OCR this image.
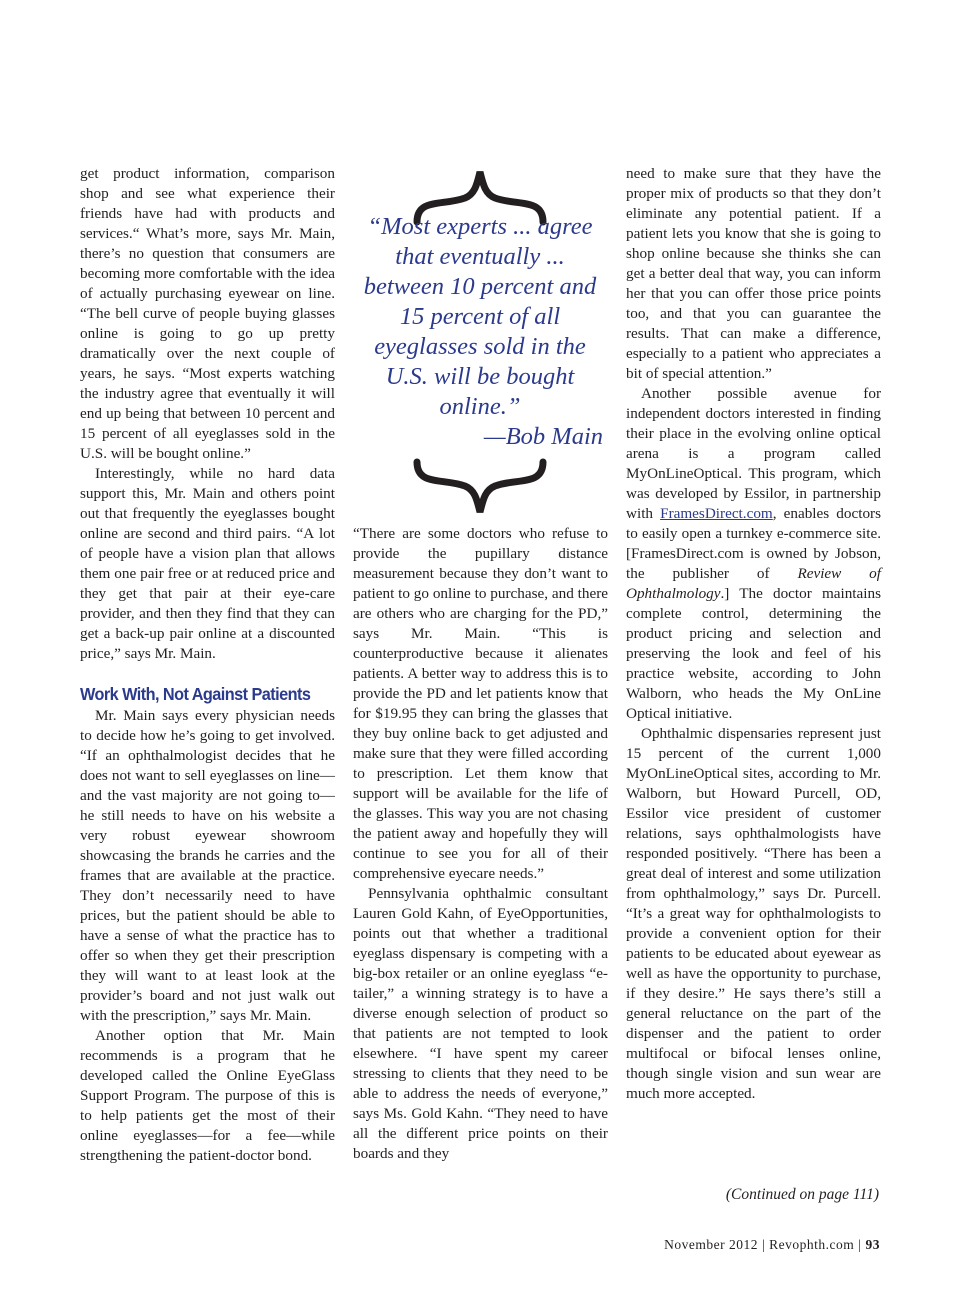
get product information, comparison shop and see what experience their friends have had with products and services.“ What’s more, says Mr. Main, there’s no question that consumers are becoming more comfortable with the idea of actually purchasing eyewear on line. “The bell curve of people buying glasses online is going to go up pretty dramatically over the next couple of years, he says. “Most experts watching the industry agree that eventually it will end up being that between 10 percent and 15 percent of all eyeglasses sold in the U.S. will be bought online.”

Interestingly, while no hard data support this, Mr. Main and others point out that frequently the eyeglasses bought online are second and third pairs. “A lot of people have a vision plan that allows them one pair free or at reduced price and they get that pair at their eye-care provider, and then they find that they can get a back-up pair online at a discounted price,” says Mr. Main.

Work With, Not Against Patients

Mr. Main says every physician needs to decide how he’s going to get involved. “If an ophthalmologist decides that he does not want to sell eyeglasses on line—and the vast majority are not going to—he still needs to have on his website a very robust eyewear showroom showcasing the brands he carries and the frames that are available at the practice. They don’t necessarily need to have prices, but the patient should be able to have a sense of what the practice has to offer so when they get their prescription they will want to at least look at the provider’s board and not just walk out with the prescription,” says Mr. Main.

Another option that Mr. Main recommends is a program that he developed called the Online EyeGlass Support Program. The purpose of this is to help patients get the most of their online eyeglasses—for a fee—while strengthening the patient-doctor bond.

“Most experts ... agree that eventually ... between 10 percent and 15 percent of all eyeglasses sold in the U.S. will be bought online.”
—Bob Main

“There are some doctors who refuse to provide the pupillary distance measurement because they don’t want to patient to go online to purchase, and there are others who are charging for the PD,” says Mr. Main. “This is counterproductive because it alienates patients. A better way to address this is to provide the PD and let patients know that for $19.95 they can bring the glasses that they buy online back to get adjusted and make sure that they were filled according to prescription. Let them know that support will be available for the life of the glasses. This way you are not chasing the patient away and hopefully they will continue to see you for all of their comprehensive eyecare needs.”

Pennsylvania ophthalmic consultant Lauren Gold Kahn, of EyeOpportunities, points out that whether a traditional eyeglass dispensary is competing with a big-box retailer or an online eyeglass “e-tailer,” a winning strategy is to have a diverse enough selection of product so that patients are not tempted to look elsewhere. “I have spent my career stressing to clients that they need to be able to address the needs of everyone,” says Ms. Gold Kahn. “They need to have all the different price points on their boards and they

need to make sure that they have the proper mix of products so that they don’t eliminate any potential patient. If a patient lets you know that she is going to shop online because she thinks she can get a better deal that way, you can inform her that you can offer those price points too, and that you can guarantee the results. That can make a difference, especially to a patient who appreciates a bit of special attention.”

Another possible avenue for independent doctors interested in finding their place in the evolving online optical arena is a program called MyOnLineOptical. This program, which was developed by Essilor, in partnership with FramesDirect.com, enables doctors to easily open a turnkey e-commerce site. [FramesDirect.com is owned by Jobson, the publisher of Review of Ophthalmology.] The doctor maintains complete control, determining the product pricing and selection and preserving the look and feel of his practice website, according to John Walborn, who heads the My OnLine Optical initiative.

Ophthalmic dispensaries represent just 15 percent of the current 1,000 MyOnLineOptical sites, according to Mr. Walborn, but Howard Purcell, OD, Essilor vice president of customer relations, says ophthalmologists have responded positively. “There has been a great deal of interest and some utilization from ophthalmology,” says Dr. Purcell. “It’s a great way for ophthalmologists to provide a convenient option for their patients to be educated about eyewear as well as have the opportunity to purchase, if they desire.” He says there’s still a general reluctance on the part of the dispenser and the patient to order multifocal or bifocal lenses online, though single vision and sun wear are much more accepted.

(Continued on page 111)
November 2012 | Revophth.com | 93
